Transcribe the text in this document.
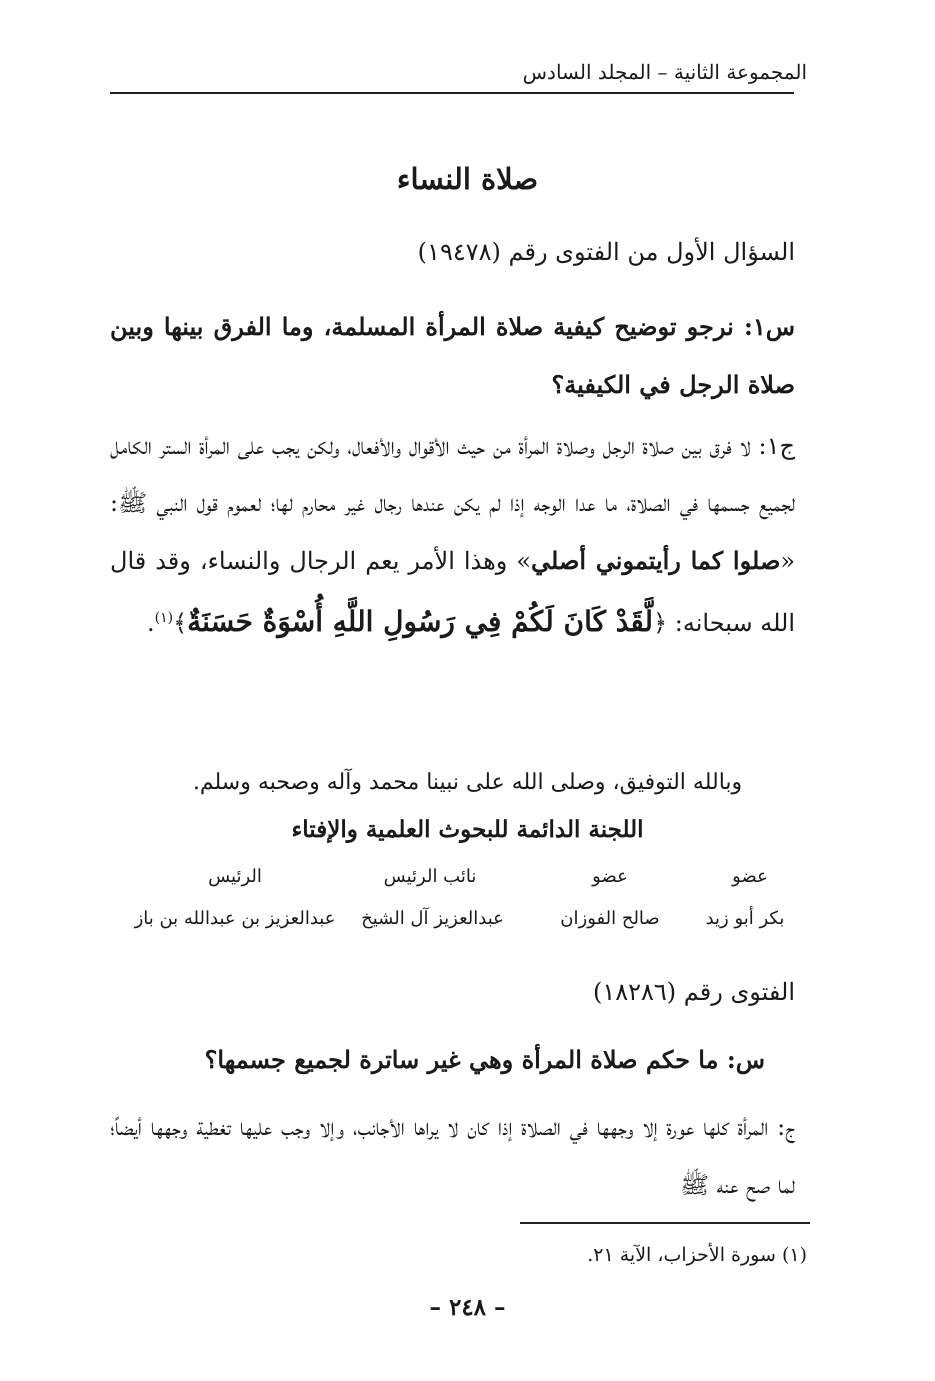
المجموعة الثانية – المجلد السادس
صلاة النساء
السؤال الأول من الفتوى رقم (١٩٤٧٨)
س١: نرجو توضيح كيفية صلاة المرأة المسلمة، وما الفرق بينها وبين صلاة الرجل في الكيفية؟
ج١: لا فرق بين صلاة الرجل وصلاة المرأة من حيث الأقوال والأفعال، ولكن يجب على المرأة الستر الكامل لجميع جسمها في الصلاة، ما عدا الوجه إذا لم يكن عندها رجال غير محارم لها؛ لعموم قول النبي ﷺ: «صلوا كما رأيتموني أصلي» وهذا الأمر يعم الرجال والنساء، وقد قال الله سبحانه: ﴿لَّقَدْ كَانَ لَكُمْ فِي رَسُولِ اللَّهِ أُسْوَةٌ حَسَنَةٌ﴾$^{(١)}$.
وبالله التوفيق، وصلى الله على نبينا محمد وآله وصحبه وسلم.
اللجنة الدائمة للبحوث العلمية والإفتاء
عضو
بكر أبو زيد
عضو
صالح الفوزان
نائب الرئيس
عبدالعزيز آل الشيخ
الرئيس
عبدالعزيز بن عبدالله بن باز
الفتوى رقم (١٨٢٨٦)
س: ما حكم صلاة المرأة وهي غير ساترة لجميع جسمها؟
ج: المرأة كلها عورة إلا وجهها في الصلاة إذا كان لا يراها الأجانب، وإلا وجب عليها تغطية وجهها أيضاً؛ لما صح عنه ﷺ
(١) سورة الأحزاب، الآية ٢١.
– ٢٤٨ –
